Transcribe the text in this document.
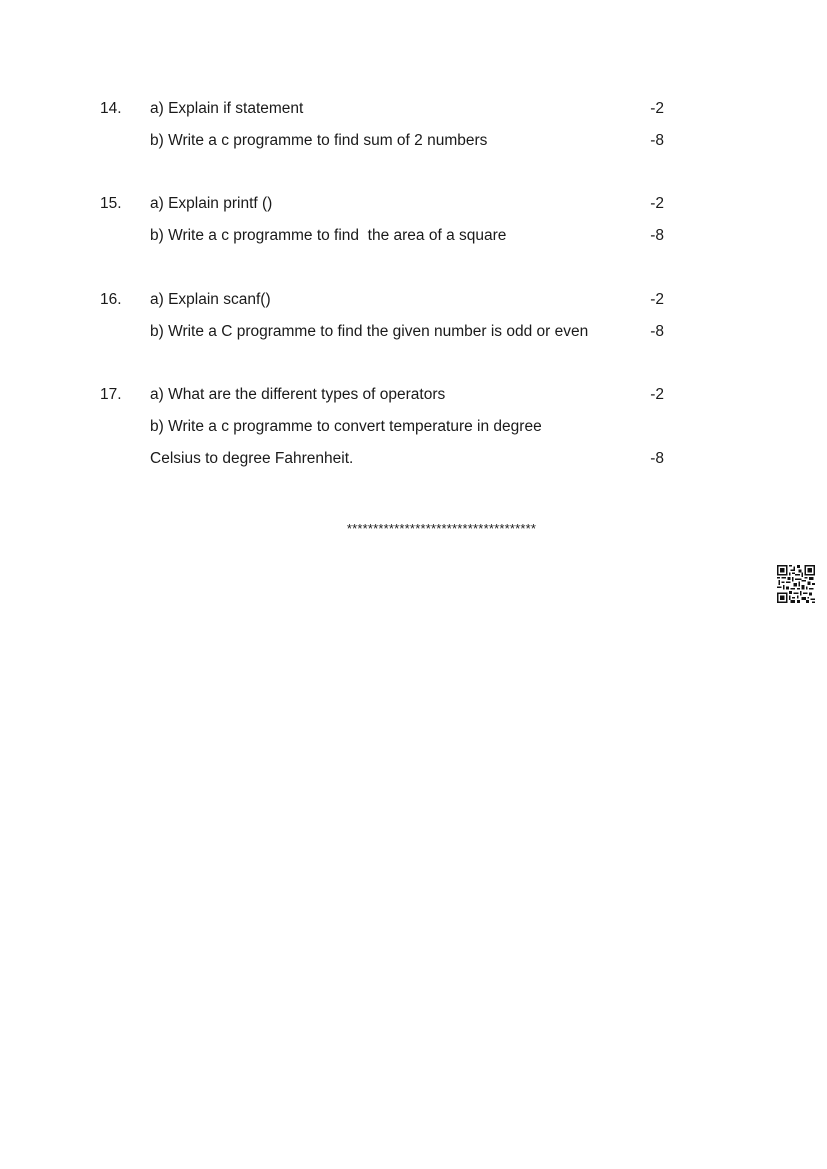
14. a) Explain if statement	-2
b) Write a c programme to find sum of 2 numbers	-8
15. a) Explain printf ()	-2
b) Write a c programme to find  the area of a square	-8
16. a) Explain scanf()	-2
b) Write a C programme to find the given number is odd or even	-8
17. a) What are the different types of operators	-2
b) Write a c programme to convert temperature in degree
Celsius to degree Fahrenheit.	-8
************************************
